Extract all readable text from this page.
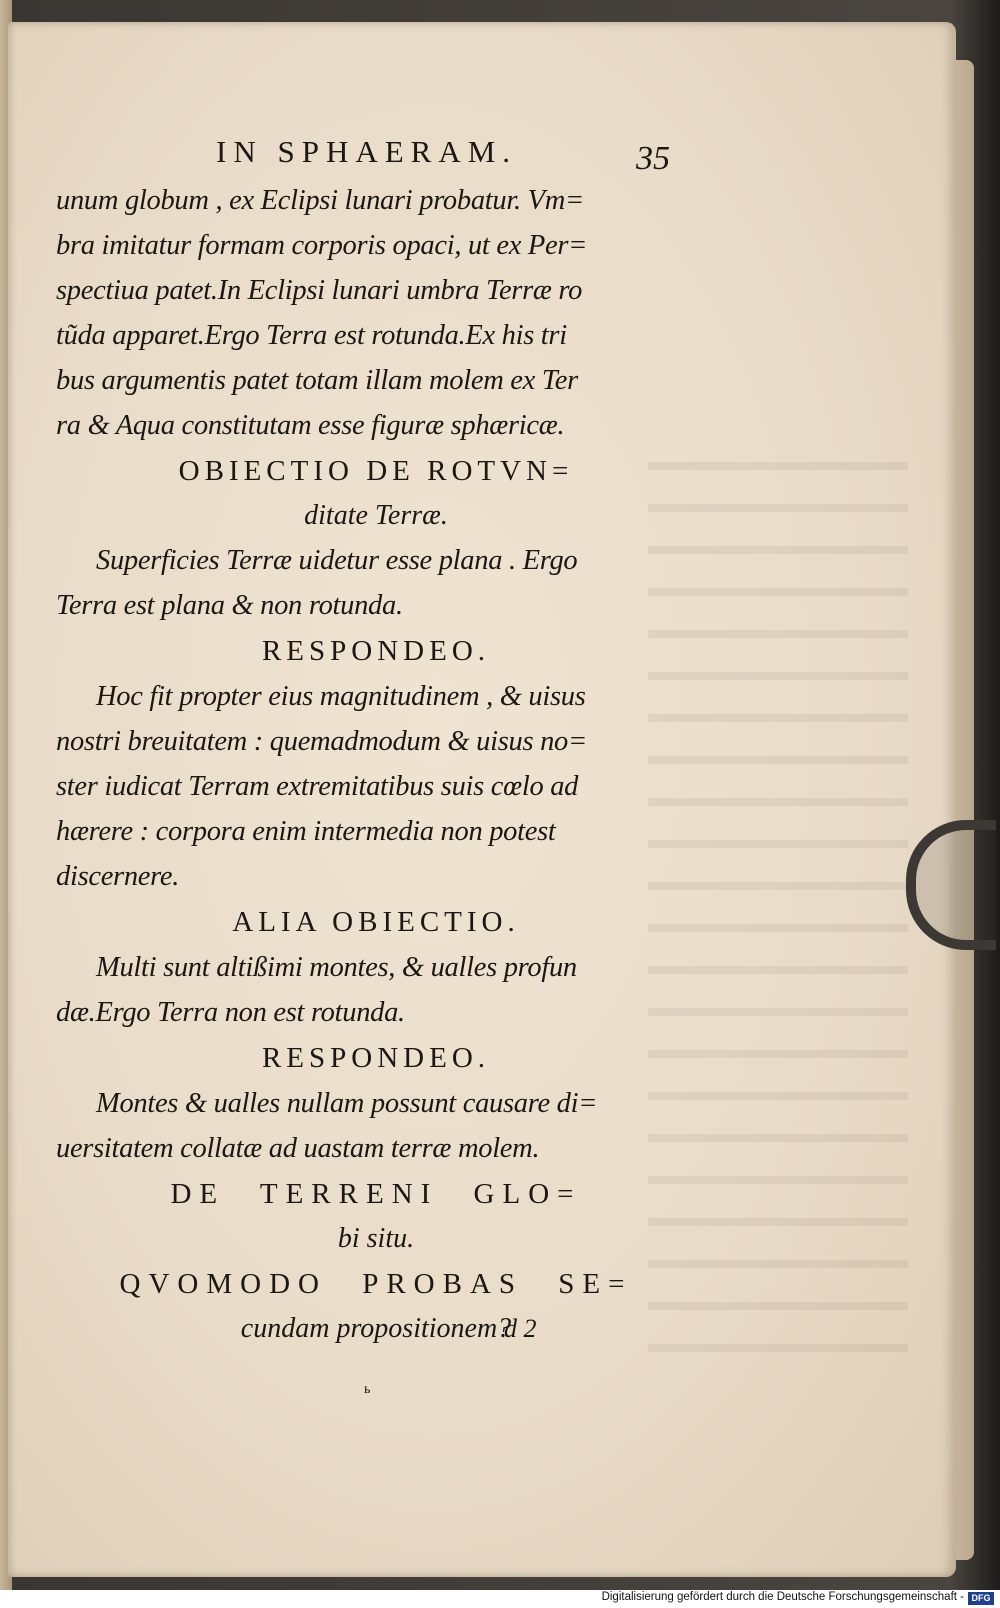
IN SPHAERAM.	35
unum globum , ex Eclipsi lunari probatur. Vm=
bra imitatur formam corporis opaci, ut ex Per=
spectiua patet.In Eclipsi lunari umbra Terræ ro
tũda apparet.Ergo Terra est rotunda.Ex his tri
bus argumentis patet totam illam molem ex Ter
ra & Aqua constitutam esse figuræ sphæricæ.
OBIECTIO DE ROTVN=
ditate Terræ.
Superficies Terræ uidetur esse plana . Ergo
Terra est plana & non rotunda.
RESPONDEO.
Hoc fit propter eius magnitudinem , & uisus
nostri breuitatem : quemadmodum & uisus no=
ster iudicat Terram extremitatibus suis cœlo ad
hærere : corpora enim intermedia non potest
discernere.
ALIA OBIECTIO.
Multi sunt altißimi montes, & ualles profun
dæ.Ergo Terra non est rotunda.
RESPONDEO.
Montes & ualles nullam possunt causare di=
uersitatem collatæ ad uastam terræ molem.
DE TERRENI GLO=
bi situ.
QVOMODO PROBAS SE=
cundam propositionem?
d 2
ь
Digitalisierung gefördert durch die Deutsche Forschungsgemeinschaft - DFG
